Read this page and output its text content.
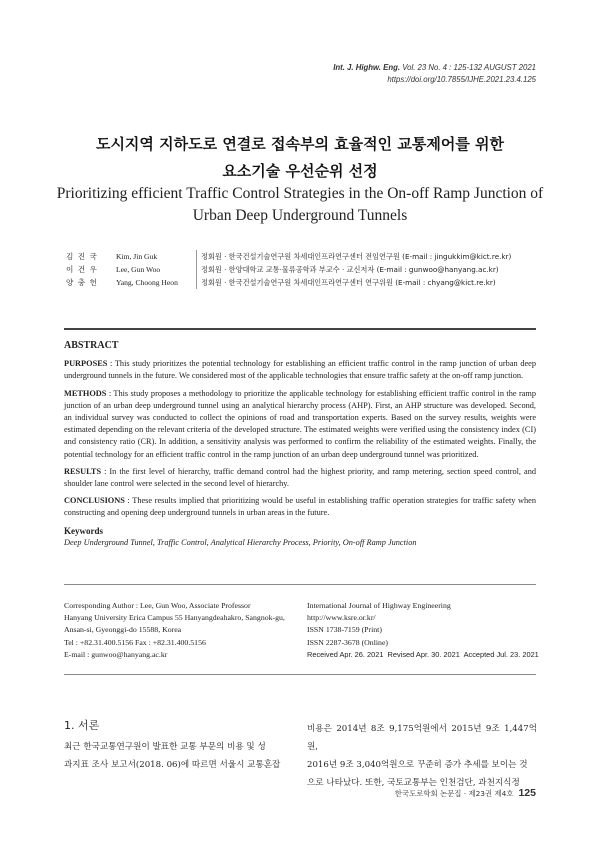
Int. J. Highw. Eng. Vol. 23 No. 4 : 125-132 AUGUST 2021
https://doi.org/10.7855/IJHE.2021.23.4.125
도시지역 지하도로 연결로 접속부의 효율적인 교통제어를 위한
요소기술 우선순위 선정
Prioritizing efficient Traffic Control Strategies in the On-off Ramp Junction of
Urban Deep Underground Tunnels
김 진 국	Kim, Jin Guk	정회원 · 한국건설기술연구원 차세대인프라연구센터 전임연구원 (E-mail : jingukkim@kict.re.kr)
이 건 우	Lee, Gun Woo	정회원 · 한양대학교 교통·물류공학과 부교수 · 교신저자 (E-mail : gunwoo@hanyang.ac.kr)
양 충 헌	Yang, Choong Heon	정회원 · 한국건설기술연구원 차세대인프라연구센터 연구위원 (E-mail : chyang@kict.re.kr)
ABSTRACT

PURPOSES : This study prioritizes the potential technology for establishing an efficient traffic control in the ramp junction of urban deep underground tunnels in the future. We considered most of the applicable technologies that ensure traffic safety at the on-off ramp junction.

METHODS : This study proposes a methodology to prioritize the applicable technology for establishing efficient traffic control in the ramp junction of an urban deep underground tunnel using an analytical hierarchy process (AHP). First, an AHP structure was developed. Second, an individual survey was conducted to collect the opinions of road and transportation experts. Based on the survey results, weights were estimated depending on the relevant criteria of the developed structure. The estimated weights were verified using the consistency index (CI) and consistency ratio (CR). In addition, a sensitivity analysis was performed to confirm the reliability of the estimated weights. Finally, the potential technology for an efficient traffic control in the ramp junction of an urban deep underground tunnel was prioritized.

RESULTS : In the first level of hierarchy, traffic demand control had the highest priority, and ramp metering, section speed control, and shoulder lane control were selected in the second level of hierarchy.

CONCLUSIONS : These results implied that prioritizing would be useful in establishing traffic operation strategies for traffic safety when constructing and opening deep underground tunnels in urban areas in the future.

Keywords
Deep Underground Tunnel, Traffic Control, Analytical Hierarchy Process, Priority, On-off Ramp Junction
Corresponding Author : Lee, Gun Woo, Associate Professor
Hanyang University Erica Campus 55 Hanyangdeahakro, Sangnok-gu,
Ansan-si, Gyeonggi-do 15588, Korea
Tel : +82.31.400.5156 Fax : +82.31.400.5156
E-mail : gunwoo@hanyang.ac.kr
International Journal of Highway Engineering
http://www.ksre.or.kr/
ISSN 1738-7159 (Print)
ISSN 2287-3678 (Online)
Received Apr. 26. 2021 Revised Apr. 30. 2021 Accepted Jul. 23. 2021
1. 서론
최근 한국교통연구원이 발표한 교통 부문의 비용 및 성
과지표 조사 보고서(2018. 06)에 따르면 서울시 교통혼잡
비용은 2014년 8조 9,175억원에서 2015년 9조 1,447억원,
2016년 9조 3,040억원으로 꾸준히 증가 추세를 보이는 것
으로 나타났다. 또한, 국토교통부는 인천검단, 과천지식정
한국도로학회 논문집 · 제23권 제4호 125
